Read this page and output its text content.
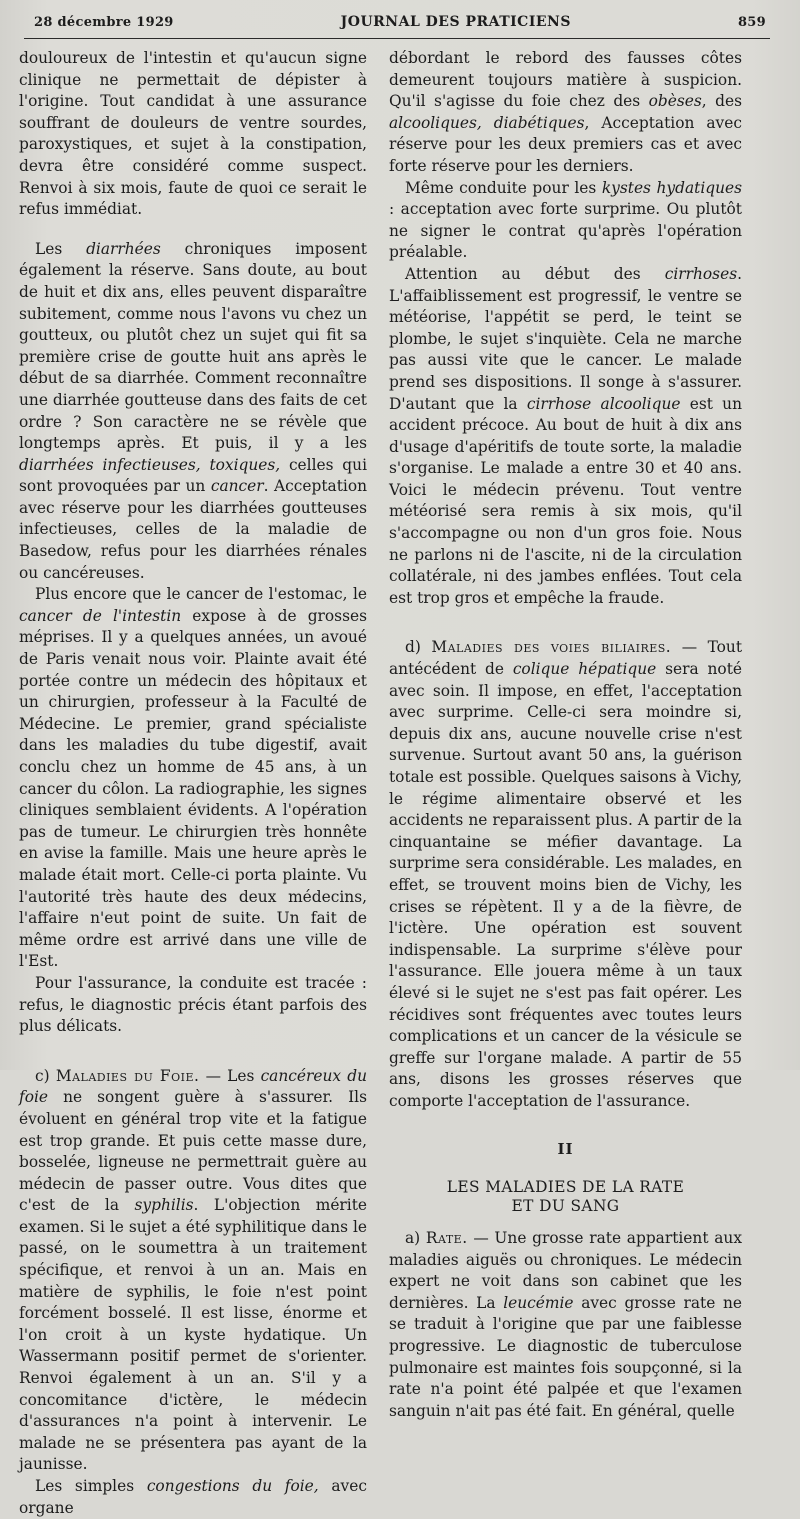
28 décembre 1929	JOURNAL DES PRATICIENS	859

douloureux de l'intestin et qu'aucun signe clinique ne permettait de dépister à l'origine. Tout candidat à une assurance souffrant de douleurs de ventre sourdes, paroxystiques, et sujet à la constipation, devra être considéré comme suspect. Renvoi à six mois, faute de quoi ce serait le refus immédiat.

Les diarrhées chroniques imposent également la réserve. Sans doute, au bout de huit et dix ans, elles peuvent disparaître subitement, comme nous l'avons vu chez un goutteux, ou plutôt chez un sujet qui fit sa première crise de goutte huit ans après le début de sa diarrhée. Comment reconnaître une diarrhée goutteuse dans des faits de cet ordre ? Son caractère ne se révèle que longtemps après. Et puis, il y a les diarrhées infectieuses, toxiques, celles qui sont provoquées par un cancer. Acceptation avec réserve pour les diarrhées goutteuses infectieuses, celles de la maladie de Basedow, refus pour les diarrhées rénales ou cancéreuses.

Plus encore que le cancer de l'estomac, le cancer de l'intestin expose à de grosses méprises. Il y a quelques années, un avoué de Paris venait nous voir. Plainte avait été portée contre un médecin des hôpitaux et un chirurgien, professeur à la Faculté de Médecine. Le premier, grand spécialiste dans les maladies du tube digestif, avait conclu chez un homme de 45 ans, à un cancer du côlon. La radiographie, les signes cliniques semblaient évidents. A l'opération pas de tumeur. Le chirurgien très honnête en avise la famille. Mais une heure après le malade était mort. Celle-ci porta plainte. Vu l'autorité très haute des deux médecins, l'affaire n'eut point de suite. Un fait de même ordre est arrivé dans une ville de l'Est.

Pour l'assurance, la conduite est tracée : refus, le diagnostic précis étant parfois des plus délicats.

c) Maladies du Foie. — Les cancéreux du foie ne songent guère à s'assurer. Ils évoluent en général trop vite et la fatigue est trop grande. Et puis cette masse dure, bosselée, ligneuse ne permettrait guère au médecin de passer outre. Vous dites que c'est de la syphilis. L'objection mérite examen. Si le sujet a été syphilitique dans le passé, on le soumettra à un traitement spécifique, et renvoi à un an. Mais en matière de syphilis, le foie n'est point forcément bosselé. Il est lisse, énorme et l'on croit à un kyste hydatique. Un Wassermann positif permet de s'orienter. Renvoi également à un an. S'il y a concomitance d'ictère, le médecin d'assurances n'a point à intervenir. Le malade ne se présentera pas ayant de la jaunisse.

Les simples congestions du foie, avec organe

débordant le rebord des fausses côtes demeurent toujours matière à suspicion. Qu'il s'agisse du foie chez des obèses, des alcooliques, diabétiques, Acceptation avec réserve pour les deux premiers cas et avec forte réserve pour les derniers.

Même conduite pour les kystes hydatiques : acceptation avec forte surprime. Ou plutôt ne signer le contrat qu'après l'opération préalable.

Attention au début des cirrhoses. L'affaiblissement est progressif, le ventre se météorise, l'appétit se perd, le teint se plombe, le sujet s'inquiète. Cela ne marche pas aussi vite que le cancer. Le malade prend ses dispositions. Il songe à s'assurer. D'autant que la cirrhose alcoolique est un accident précoce. Au bout de huit à dix ans d'usage d'apéritifs de toute sorte, la maladie s'organise. Le malade a entre 30 et 40 ans. Voici le médecin prévenu. Tout ventre météorisé sera remis à six mois, qu'il s'accompagne ou non d'un gros foie. Nous ne parlons ni de l'ascite, ni de la circulation collatérale, ni des jambes enflées. Tout cela est trop gros et empêche la fraude.

d) Maladies des voies biliaires. — Tout antécédent de colique hépatique sera noté avec soin. Il impose, en effet, l'acceptation avec surprime. Celle-ci sera moindre si, depuis dix ans, aucune nouvelle crise n'est survenue. Surtout avant 50 ans, la guérison totale est possible. Quelques saisons à Vichy, le régime alimentaire observé et les accidents ne reparaissent plus. A partir de la cinquantaine se méfier davantage. La surprime sera considérable. Les malades, en effet, se trouvent moins bien de Vichy, les crises se répètent. Il y a de la fièvre, de l'ictère. Une opération est souvent indispensable. La surprime s'élève pour l'assurance. Elle jouera même à un taux élevé si le sujet ne s'est pas fait opérer. Les récidives sont fréquentes avec toutes leurs complications et un cancer de la vésicule se greffe sur l'organe malade. A partir de 55 ans, disons les grosses réserves que comporte l'acceptation de l'assurance.

II
LES MALADIES DE LA RATE
ET DU SANG

a) Rate. — Une grosse rate appartient aux maladies aiguës ou chroniques. Le médecin expert ne voit dans son cabinet que les dernières. La leucémie avec grosse rate ne se traduit à l'origine que par une faiblesse progressive. Le diagnostic de tuberculose pulmonaire est maintes fois soupçonné, si la rate n'a point été palpée et que l'examen sanguin n'ait pas été fait. En général, quelle
